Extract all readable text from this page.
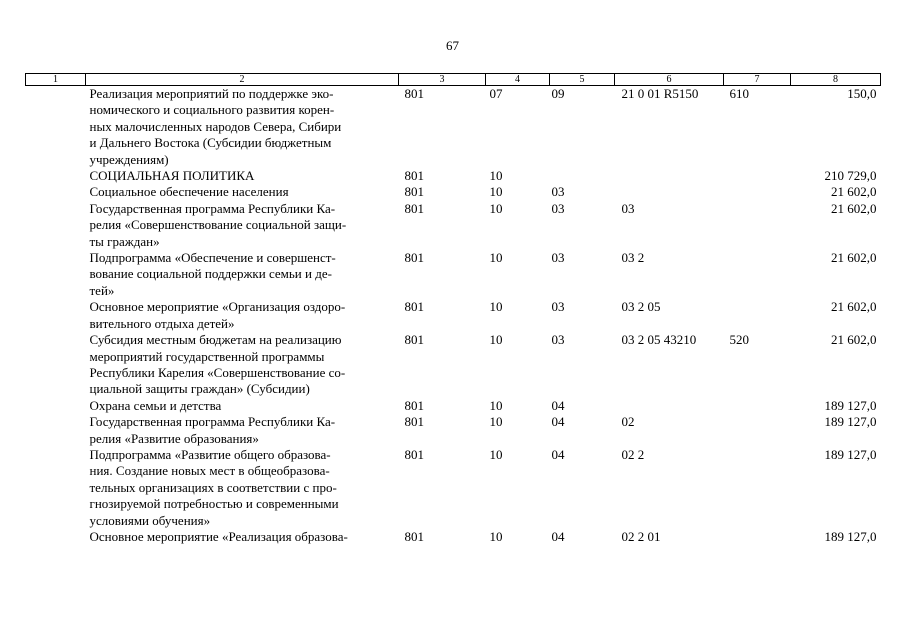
67
1	2	3	4	5	6	7	8

	Реализация мероприятий по поддержке эко-
номического и социального развития корен-
ных малочисленных народов Севера, Сибири
и Дальнего Востока (Субсидии бюджетным
учреждениям)	801	07	09	21 0 01 R5150	610	150,0

	СОЦИАЛЬНАЯ ПОЛИТИКА	801	10				210 729,0

	Социальное обеспечение населения	801	10	03			21 602,0

	Государственная программа Республики Ка-
релия «Совершенствование социальной защи-
ты граждан»	801	10	03	03		21 602,0

	Подпрограмма «Обеспечение и совершенст-
вование социальной поддержки семьи и де-
тей»	801	10	03	03 2		21 602,0

	Основное мероприятие «Организация оздоро-
вительного отдыха детей»	801	10	03	03 2 05		21 602,0

	Субсидия местным бюджетам на реализацию
мероприятий государственной программы
Республики Карелия «Совершенствование со-
циальной защиты граждан» (Субсидии)	801	10	03	03 2 05 43210	520	21 602,0

	Охрана семьи и детства	801	10	04			189 127,0

	Государственная программа Республики Ка-
релия «Развитие образования»	801	10	04	02		189 127,0

	Подпрограмма «Развитие общего образова-
ния. Создание новых мест в общеобразова-
тельных организациях в соответствии с про-
гнозируемой потребностью и современными
условиями обучения»	801	10	04	02 2		189 127,0

	Основное мероприятие «Реализация образова-	801	10	04	02 2 01		189 127,0
